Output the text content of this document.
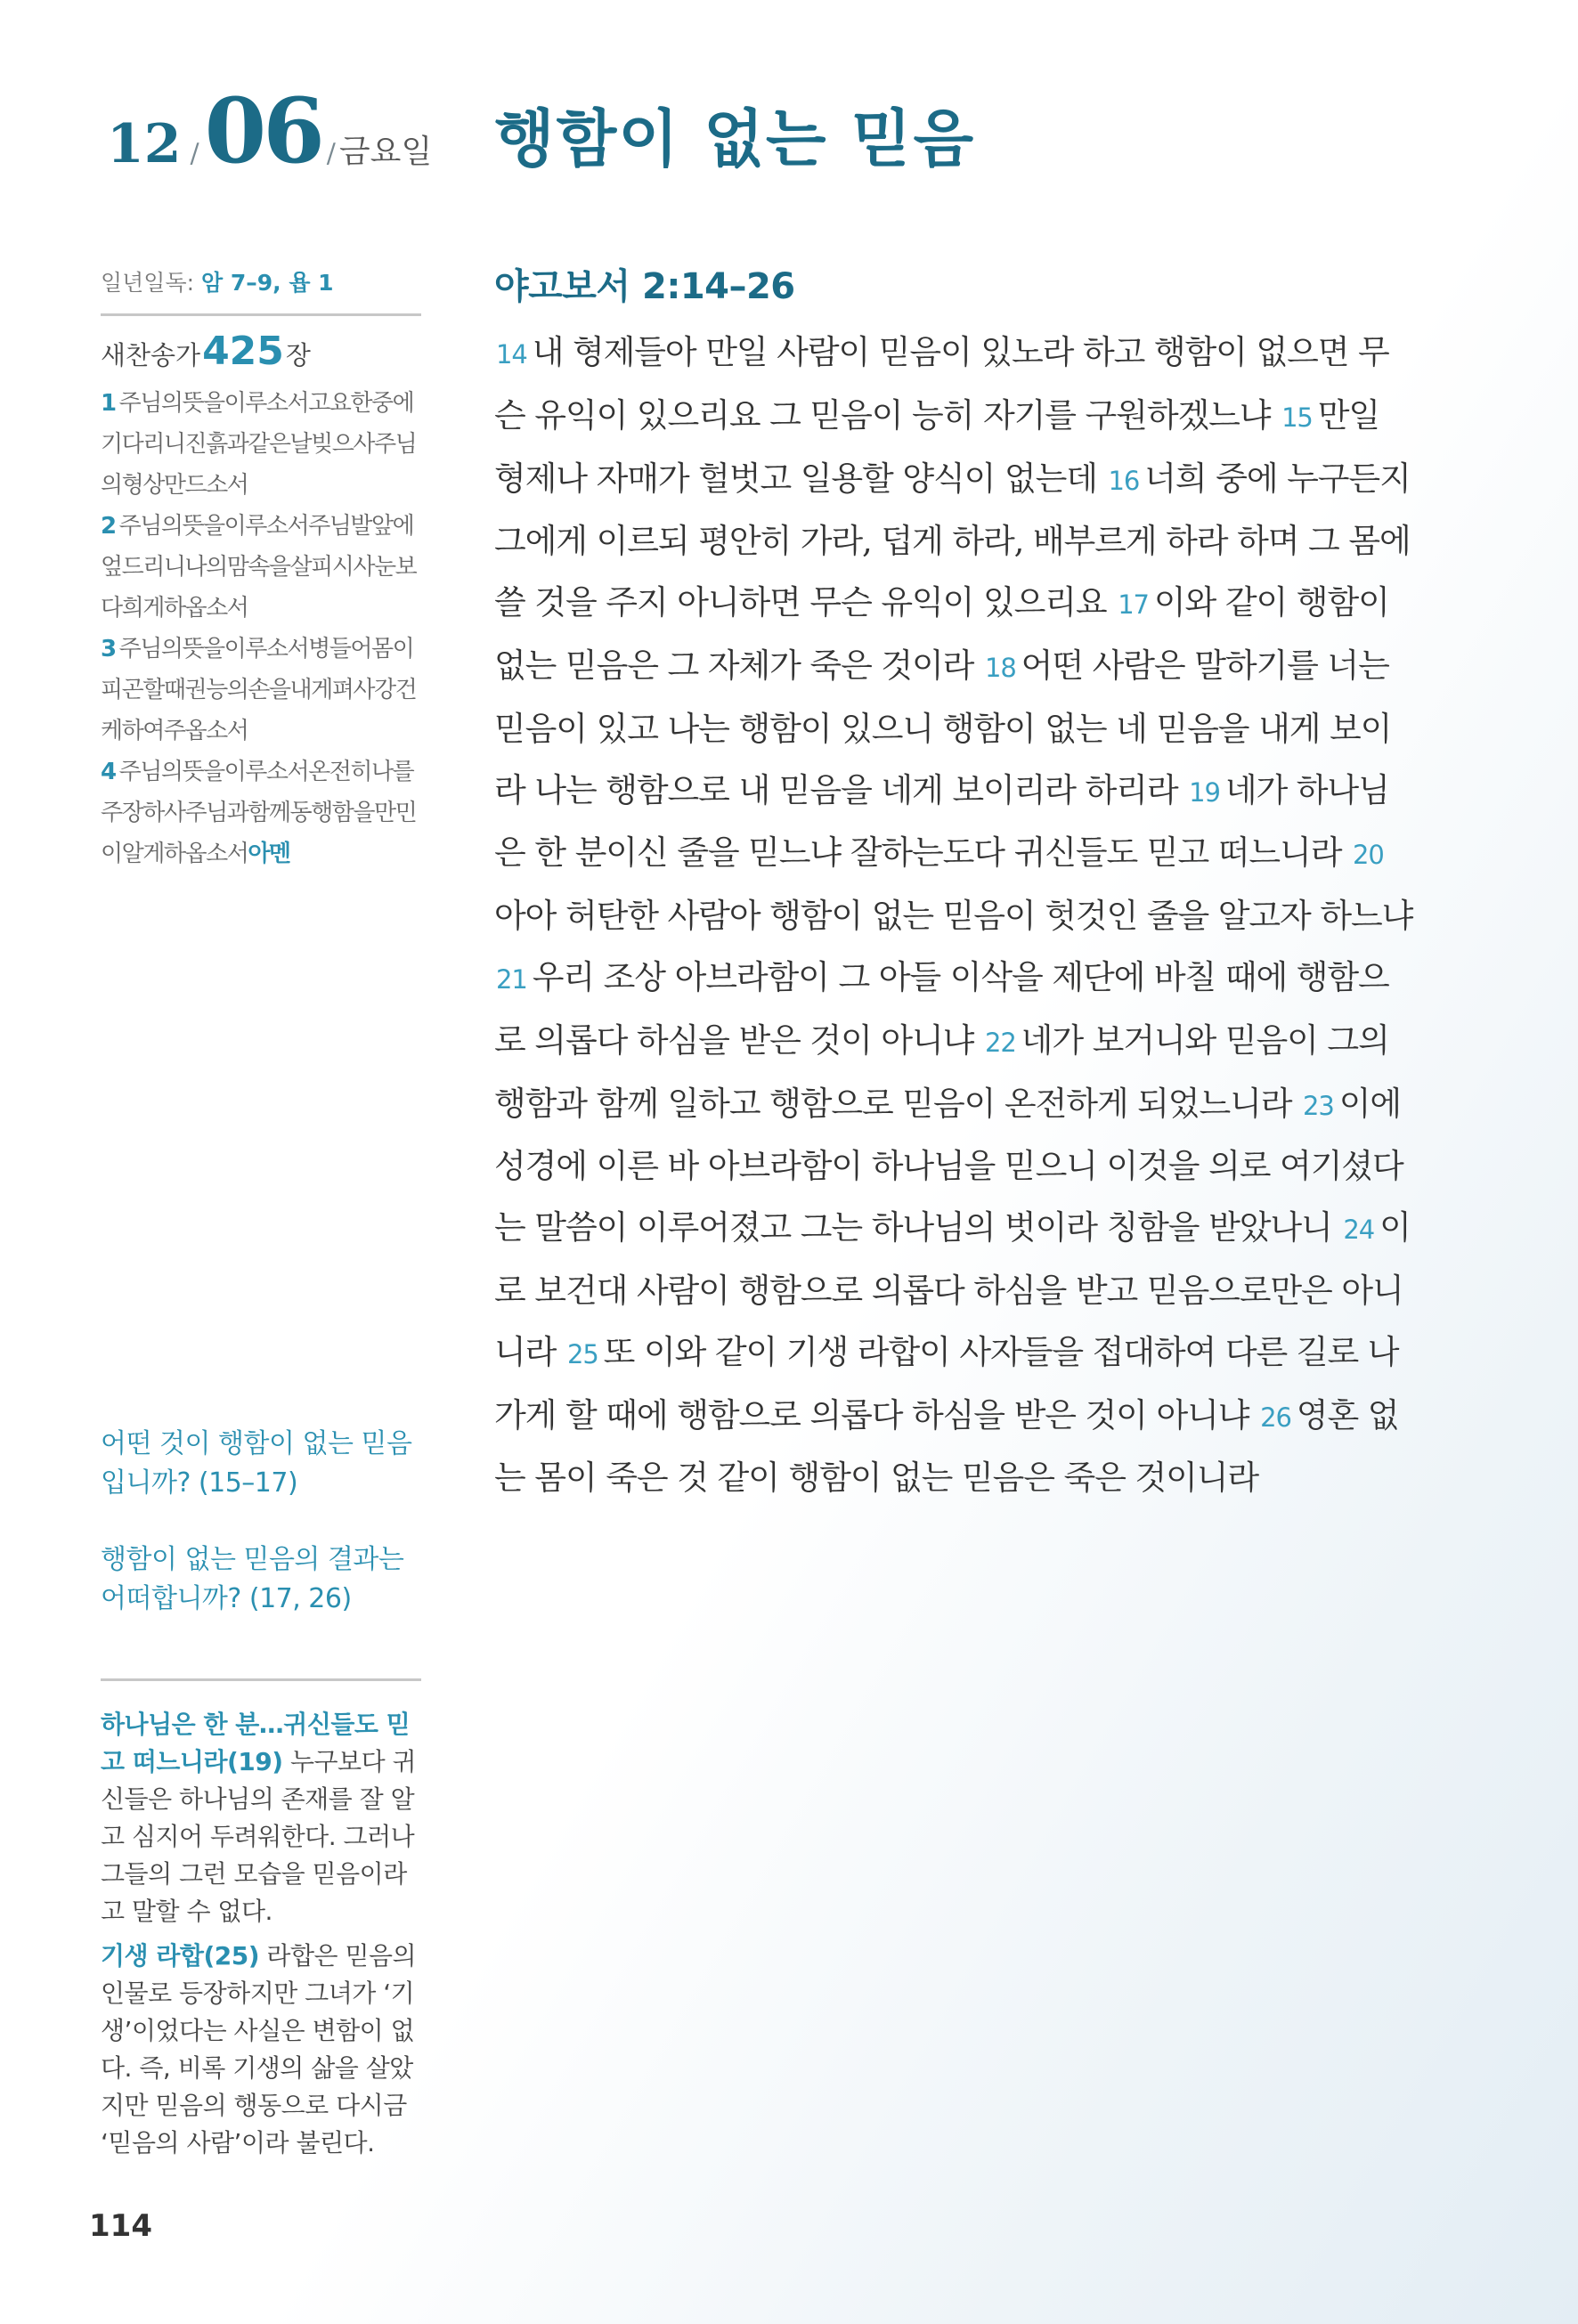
12 / 06 / 금요일 행함이 없는 믿음
일년일독: 암 7–9, 욥 1
새찬송가 425 장
1 주님의뜻을이루소서고요한중에기다리니진흙과같은날빚으사주님의형상만드소서
2 주님의뜻을이루소서주님발앞에엎드리니나의맘속을살피시사눈보다희게하옵소서
3 주님의뜻을이루소서병들어몸이피곤할때권능의손을내게펴사강건케하여주옵소서
4 주님의뜻을이루소서온전히나를주장하사주님과함께동행함을만민이알게하옵소서아멘
어떤 것이 행함이 없는 믿음입니까? (15–17)
행함이 없는 믿음의 결과는 어떠합니까? (17, 26)
하나님은 한 분…귀신들도 믿고 떠느니라(19) 누구보다 귀신들은 하나님의 존재를 잘 알고 심지어 두려워한다. 그러나 그들의 그런 모습을 믿음이라고 말할 수 없다.
기생 라합(25) 라합은 믿음의 인물로 등장하지만 그녀가 ‘기생’이었다는 사실은 변함이 없다. 즉, 비록 기생의 삶을 살았지만 믿음의 행동으로 다시금 ‘믿음의 사람’이라 불린다.
114
야고보서 2:14–26
14 내 형제들아 만일 사람이 믿음이 있노라 하고 행함이 없으면 무슨 유익이 있으리요 그 믿음이 능히 자기를 구원하겠느냐 15 만일 형제나 자매가 헐벗고 일용할 양식이 없는데 16 너희 중에 누구든지 그에게 이르되 평안히 가라, 덥게 하라, 배부르게 하라 하며 그 몸에 쓸 것을 주지 아니하면 무슨 유익이 있으리요 17 이와 같이 행함이 없는 믿음은 그 자체가 죽은 것이라 18 어떤 사람은 말하기를 너는 믿음이 있고 나는 행함이 있으니 행함이 없는 네 믿음을 내게 보이라 나는 행함으로 내 믿음을 네게 보이리라 하리라 19 네가 하나님은 한 분이신 줄을 믿느냐 잘하는도다 귀신들도 믿고 떠느니라 20아아 허탄한 사람아 행함이 없는 믿음이 헛것인 줄을 알고자 하느냐 21 우리 조상 아브라함이 그 아들 이삭을 제단에 바칠 때에 행함으로 의롭다 하심을 받은 것이 아니냐 22 네가 보거니와 믿음이 그의 행함과 함께 일하고 행함으로 믿음이 온전하게 되었느니라 23 이에 성경에 이른 바 아브라함이 하나님을 믿으니 이것을 의로 여기셨다는 말씀이 이루어졌고 그는 하나님의 벗이라 칭함을 받았나니 24 이로 보건대 사람이 행함으로 의롭다 하심을 받고 믿음으로만은 아니니라 25 또 이와 같이 기생 라합이 사자들을 접대하여 다른 길로 나가게 할 때에 행함으로 의롭다 하심을 받은 것이 아니냐 26 영혼 없는 몸이 죽은 것 같이 행함이 없는 믿음은 죽은 것이니라
